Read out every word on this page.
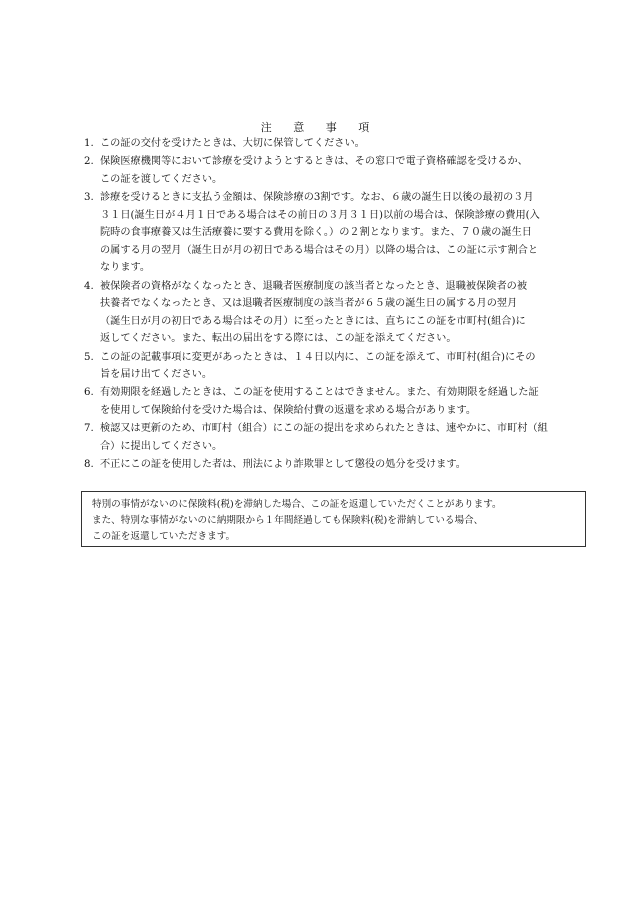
注 意 事 項
1. この証の交付を受けたときは、大切に保管してください。
2. 保険医療機関等において診療を受けようとするときは、その窓口で電子資格確認を受けるか、
この証を渡してください。
3. 診療を受けるときに支払う金額は、保険診療の3割です。なお、６歳の誕生日以後の最初の３月
３１日(誕生日が４月１日である場合はその前日の３月３１日)以前の場合は、保険診療の費用(入
院時の食事療養又は生活療養に要する費用を除く。）の２割となります。また、７０歳の誕生日
の属する月の翌月（誕生日が月の初日である場合はその月）以降の場合は、この証に示す割合と
なります。
4. 被保険者の資格がなくなったとき、退職者医療制度の該当者となったとき、退職被保険者の被
扶養者でなくなったとき、又は退職者医療制度の該当者が６５歳の誕生日の属する月の翌月
（誕生日が月の初日である場合はその月）に至ったときには、直ちにこの証を市町村(組合)に
返してください。また、転出の届出をする際には、この証を添えてください。
5. この証の記載事項に変更があったときは、１４日以内に、この証を添えて、市町村(組合)にその
旨を届け出てください。
6. 有効期限を経過したときは、この証を使用することはできません。また、有効期限を経過した証
を使用して保険給付を受けた場合は、保険給付費の返還を求める場合があります。
7. 検認又は更新のため、市町村（組合）にこの証の提出を求められたときは、速やかに、市町村（組
合）に提出してください。
8. 不正にこの証を使用した者は、刑法により詐欺罪として懲役の処分を受けます。
特別の事情がないのに保険料(税)を滞納した場合、この証を返還していただくことがあります。
また、特別な事情がないのに納期限から１年間経過しても保険料(税)を滞納している場合、
この証を返還していただきます。
